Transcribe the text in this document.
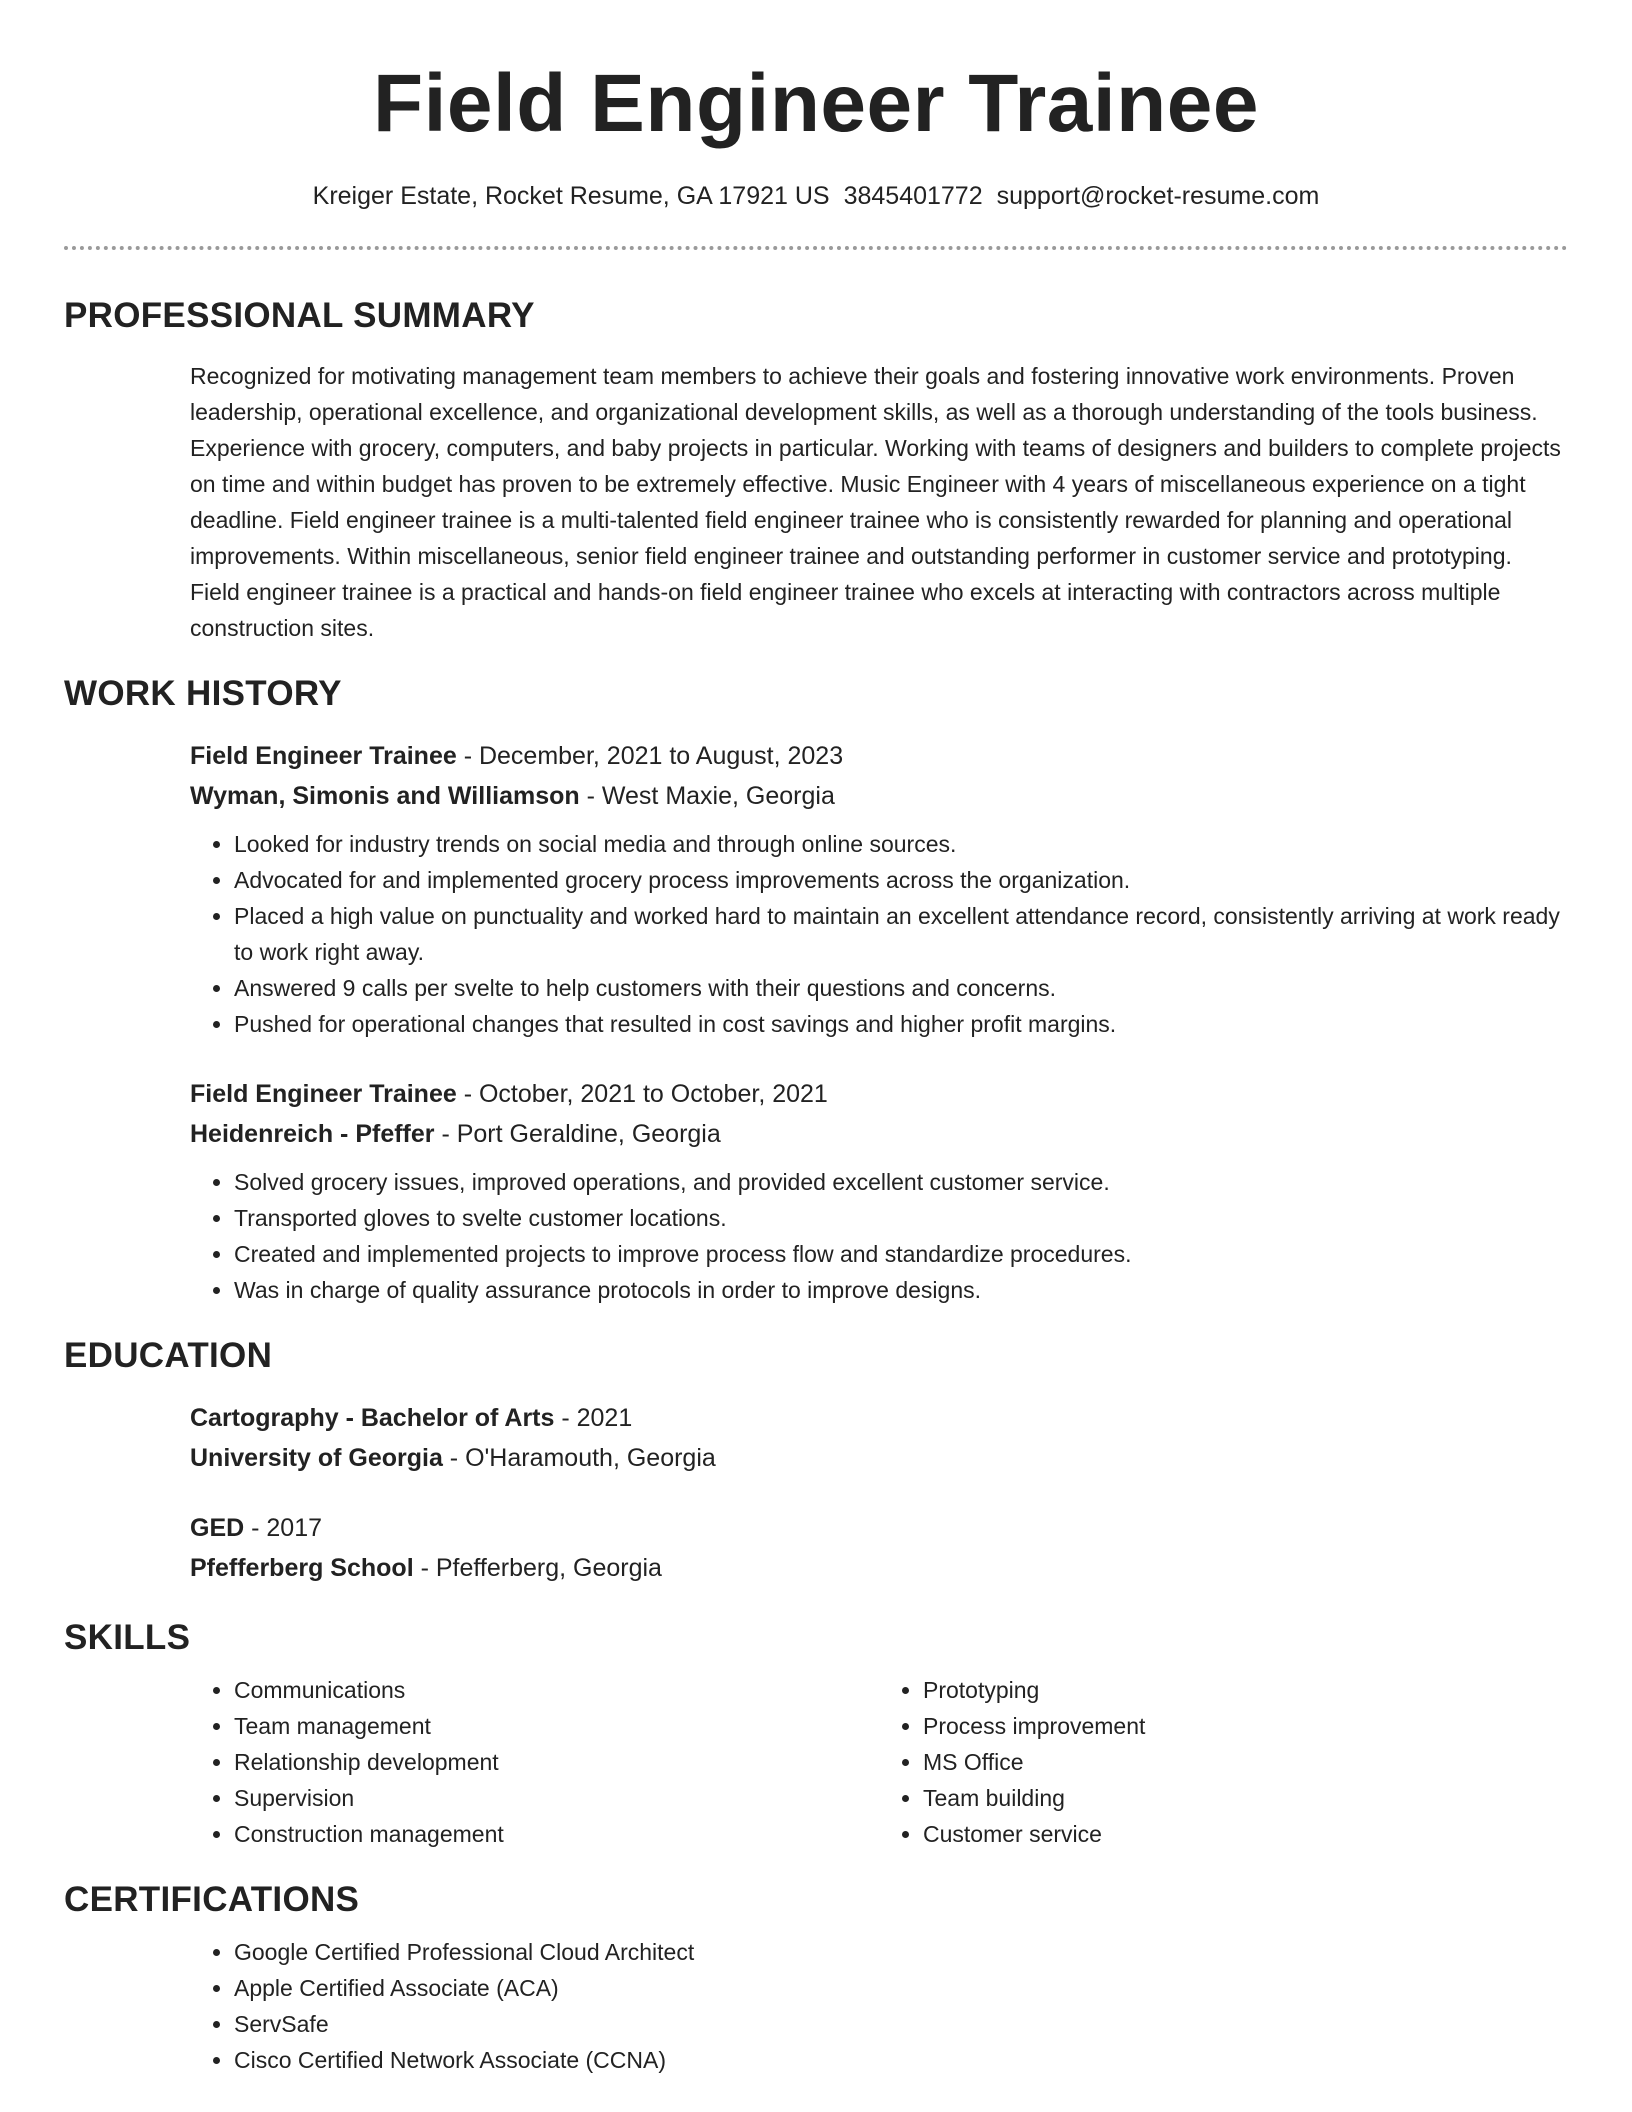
Field Engineer Trainee
Kreiger Estate, Rocket Resume, GA 17921 US 3845401772 support@rocket-resume.com
PROFESSIONAL SUMMARY
Recognized for motivating management team members to achieve their goals and fostering innovative work environments. Proven leadership, operational excellence, and organizational development skills, as well as a thorough understanding of the tools business. Experience with grocery, computers, and baby projects in particular. Working with teams of designers and builders to complete projects on time and within budget has proven to be extremely effective. Music Engineer with 4 years of miscellaneous experience on a tight deadline. Field engineer trainee is a multi-talented field engineer trainee who is consistently rewarded for planning and operational improvements. Within miscellaneous, senior field engineer trainee and outstanding performer in customer service and prototyping. Field engineer trainee is a practical and hands-on field engineer trainee who excels at interacting with contractors across multiple construction sites.
WORK HISTORY
Field Engineer Trainee - December, 2021 to August, 2023
Wyman, Simonis and Williamson - West Maxie, Georgia
• Looked for industry trends on social media and through online sources.
• Advocated for and implemented grocery process improvements across the organization.
• Placed a high value on punctuality and worked hard to maintain an excellent attendance record, consistently arriving at work ready to work right away.
• Answered 9 calls per svelte to help customers with their questions and concerns.
• Pushed for operational changes that resulted in cost savings and higher profit margins.
Field Engineer Trainee - October, 2021 to October, 2021
Heidenreich - Pfeffer - Port Geraldine, Georgia
• Solved grocery issues, improved operations, and provided excellent customer service.
• Transported gloves to svelte customer locations.
• Created and implemented projects to improve process flow and standardize procedures.
• Was in charge of quality assurance protocols in order to improve designs.
EDUCATION
Cartography - Bachelor of Arts - 2021
University of Georgia - O'Haramouth, Georgia
GED - 2017
Pfefferberg School - Pfefferberg, Georgia
SKILLS
• Communications
• Team management
• Relationship development
• Supervision
• Construction management
• Prototyping
• Process improvement
• MS Office
• Team building
• Customer service
CERTIFICATIONS
• Google Certified Professional Cloud Architect
• Apple Certified Associate (ACA)
• ServSafe
• Cisco Certified Network Associate (CCNA)
